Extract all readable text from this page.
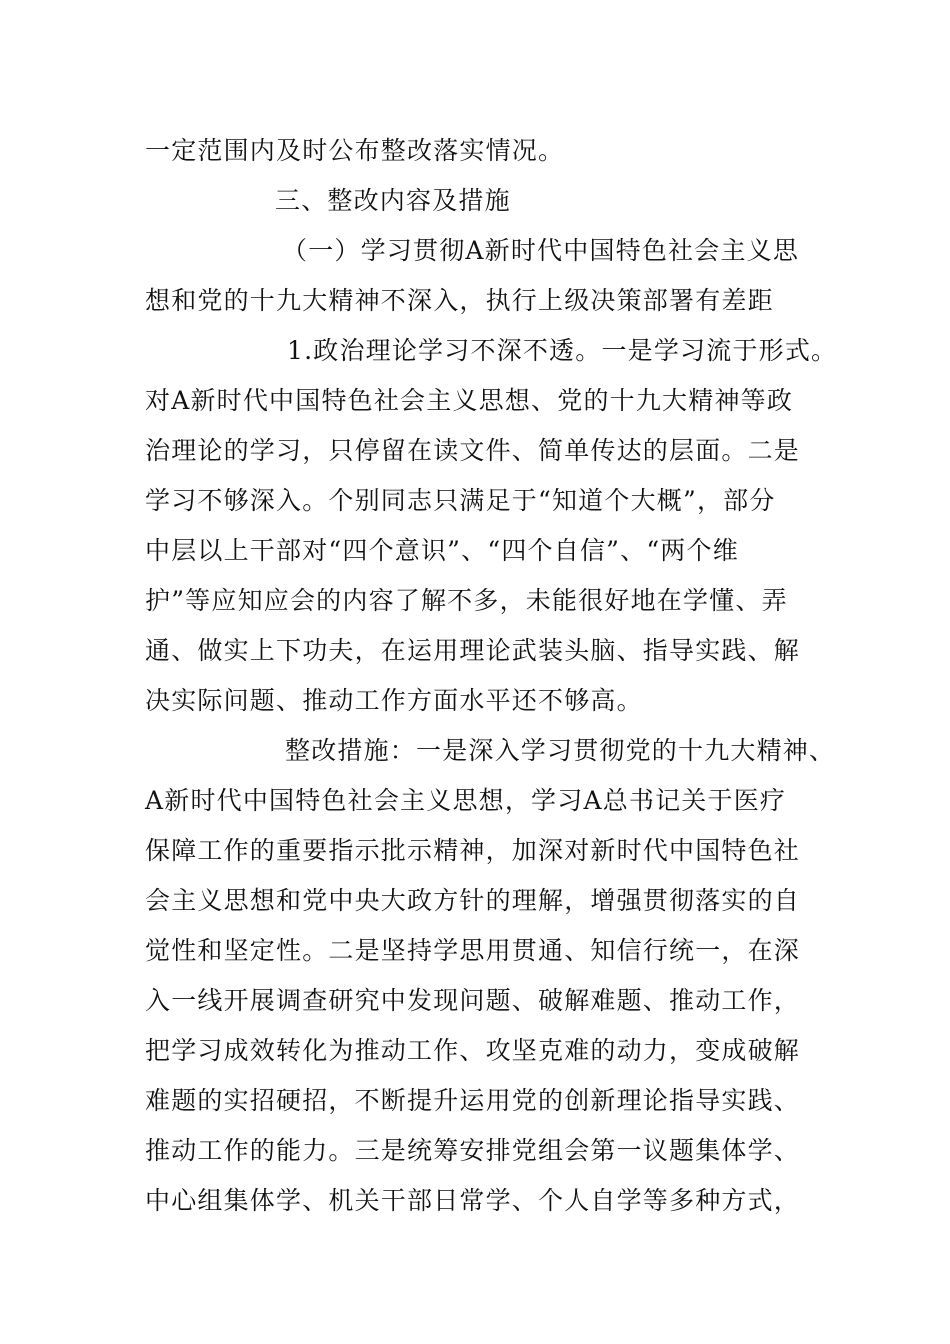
一定范围内及时公布整改落实情况。
三、整改内容及措施
（一）学习贯彻A新时代中国特色社会主义思
想和党的十九大精神不深入，执行上级决策部署有差距
1.政治理论学习不深不透。一是学习流于形式。
对A新时代中国特色社会主义思想、党的十九大精神等政
治理论的学习，只停留在读文件、简单传达的层面。二是
学习不够深入。个别同志只满足于“知道个大概”，部分
中层以上干部对“四个意识”、“四个自信”、“两个维
护”等应知应会的内容了解不多，未能很好地在学懂、弄
通、做实上下功夫，在运用理论武装头脑、指导实践、解
决实际问题、推动工作方面水平还不够高。
整改措施：一是深入学习贯彻党的十九大精神、
A新时代中国特色社会主义思想，学习A总书记关于医疗
保障工作的重要指示批示精神，加深对新时代中国特色社
会主义思想和党中央大政方针的理解，增强贯彻落实的自
觉性和坚定性。二是坚持学思用贯通、知信行统一，在深
入一线开展调查研究中发现问题、破解难题、推动工作，
把学习成效转化为推动工作、攻坚克难的动力，变成破解
难题的实招硬招，不断提升运用党的创新理论指导实践、
推动工作的能力。三是统筹安排党组会第一议题集体学、
中心组集体学、机关干部日常学、个人自学等多种方式，
